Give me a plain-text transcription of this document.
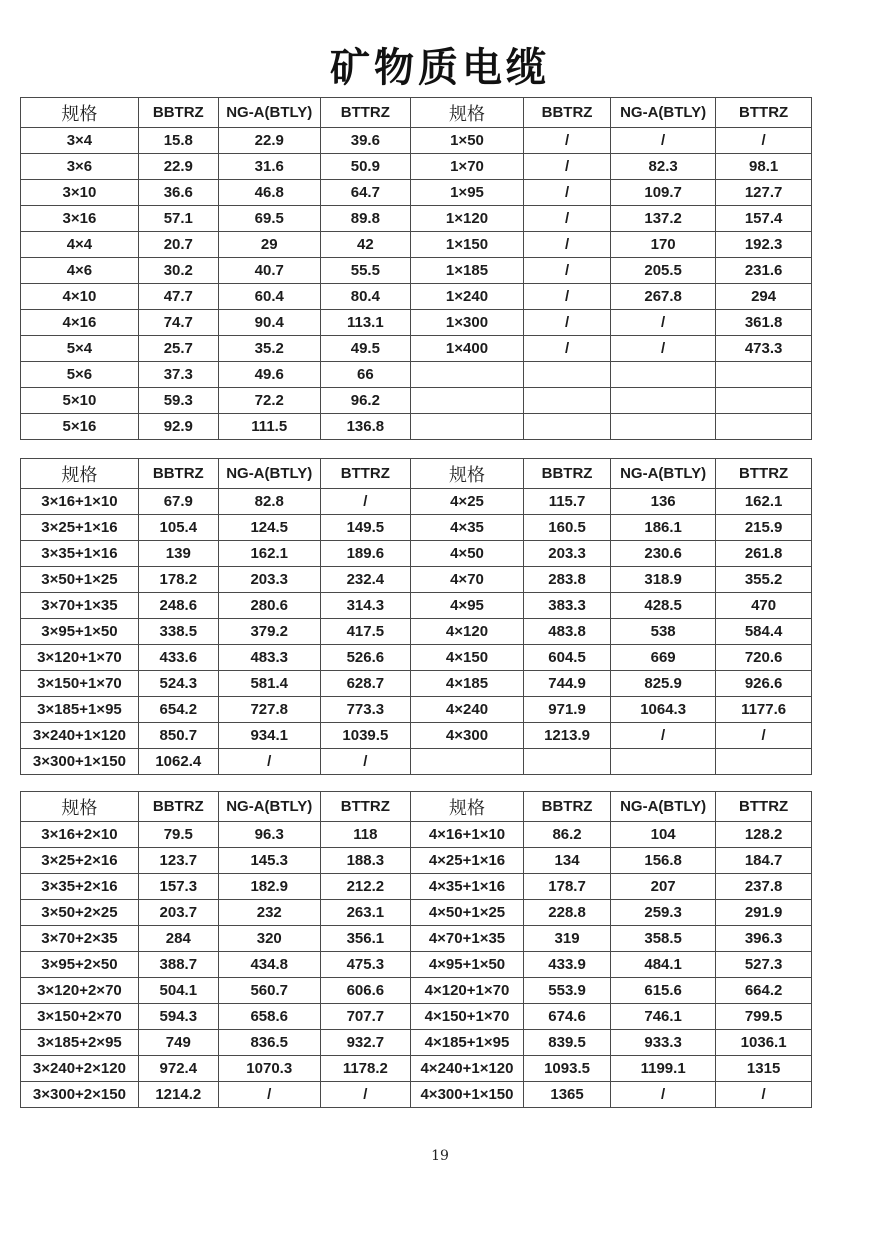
矿物质电缆
规格	BBTRZ	NG-A(BTLY)	BTTRZ	规格	BBTRZ	NG-A(BTLY)	BTTRZ
3×4	15.8	22.9	39.6	1×50	/	/	/
3×6	22.9	31.6	50.9	1×70	/	82.3	98.1
3×10	36.6	46.8	64.7	1×95	/	109.7	127.7
3×16	57.1	69.5	89.8	1×120	/	137.2	157.4
4×4	20.7	29	42	1×150	/	170	192.3
4×6	30.2	40.7	55.5	1×185	/	205.5	231.6
4×10	47.7	60.4	80.4	1×240	/	267.8	294
4×16	74.7	90.4	113.1	1×300	/	/	361.8
5×4	25.7	35.2	49.5	1×400	/	/	473.3
5×6	37.3	49.6	66				
5×10	59.3	72.2	96.2				
5×16	92.9	111.5	136.8				
规格	BBTRZ	NG-A(BTLY)	BTTRZ	规格	BBTRZ	NG-A(BTLY)	BTTRZ
3×16+1×10	67.9	82.8	/	4×25	115.7	136	162.1
3×25+1×16	105.4	124.5	149.5	4×35	160.5	186.1	215.9
3×35+1×16	139	162.1	189.6	4×50	203.3	230.6	261.8
3×50+1×25	178.2	203.3	232.4	4×70	283.8	318.9	355.2
3×70+1×35	248.6	280.6	314.3	4×95	383.3	428.5	470
3×95+1×50	338.5	379.2	417.5	4×120	483.8	538	584.4
3×120+1×70	433.6	483.3	526.6	4×150	604.5	669	720.6
3×150+1×70	524.3	581.4	628.7	4×185	744.9	825.9	926.6
3×185+1×95	654.2	727.8	773.3	4×240	971.9	1064.3	1177.6
3×240+1×120	850.7	934.1	1039.5	4×300	1213.9	/	/
3×300+1×150	1062.4	/	/				
规格	BBTRZ	NG-A(BTLY)	BTTRZ	规格	BBTRZ	NG-A(BTLY)	BTTRZ
3×16+2×10	79.5	96.3	118	4×16+1×10	86.2	104	128.2
3×25+2×16	123.7	145.3	188.3	4×25+1×16	134	156.8	184.7
3×35+2×16	157.3	182.9	212.2	4×35+1×16	178.7	207	237.8
3×50+2×25	203.7	232	263.1	4×50+1×25	228.8	259.3	291.9
3×70+2×35	284	320	356.1	4×70+1×35	319	358.5	396.3
3×95+2×50	388.7	434.8	475.3	4×95+1×50	433.9	484.1	527.3
3×120+2×70	504.1	560.7	606.6	4×120+1×70	553.9	615.6	664.2
3×150+2×70	594.3	658.6	707.7	4×150+1×70	674.6	746.1	799.5
3×185+2×95	749	836.5	932.7	4×185+1×95	839.5	933.3	1036.1
3×240+2×120	972.4	1070.3	1178.2	4×240+1×120	1093.5	1199.1	1315
3×300+2×150	1214.2	/	/	4×300+1×150	1365	/	/
19
